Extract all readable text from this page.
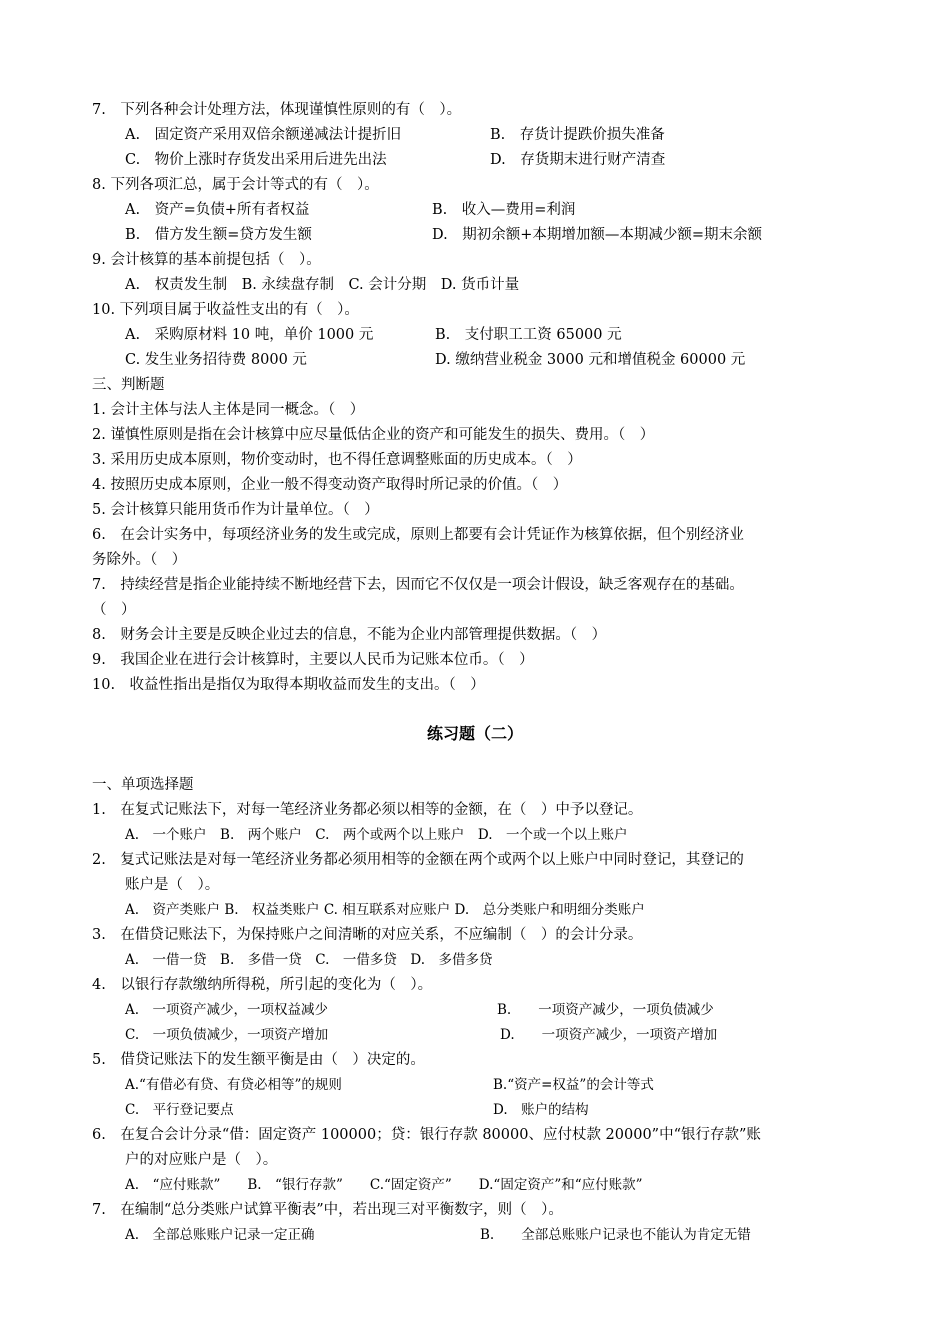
7.　下列各种会计处理方法，体现谨慎性原则的有（　）。
A.　固定资产采用双倍余额递减法计提折旧	B.　存货计提跌价损失准备
C.　物价上涨时存货发出采用后进先出法	D.　存货期末进行财产清查
8. 下列各项汇总，属于会计等式的有（　）。
A.　资产=负债+所有者权益	B.　收入—费用=利润
B.　借方发生额=贷方发生额	D.　期初余额+本期增加额—本期减少额=期末余额
9. 会计核算的基本前提包括（　）。
A.　权责发生制　B. 永续盘存制　C. 会计分期　D. 货币计量
10. 下列项目属于收益性支出的有（　）。
A.　采购原材料 10 吨，单价 1000 元	B.　支付职工工资 65000 元
C. 发生业务招待费 8000 元	D. 缴纳营业税金 3000 元和增值税金 60000 元
三、判断题
1. 会计主体与法人主体是同一概念。（　）
2. 谨慎性原则是指在会计核算中应尽量低估企业的资产和可能发生的损失、费用。（　）
3. 采用历史成本原则，物价变动时，也不得任意调整账面的历史成本。（　）
4. 按照历史成本原则，企业一般不得变动资产取得时所记录的价值。（　）
5. 会计核算只能用货币作为计量单位。（　）
6.　在会计实务中，每项经济业务的发生或完成，原则上都要有会计凭证作为核算依据，但个别经济业
务除外。（　）
7.　持续经营是指企业能持续不断地经营下去，因而它不仅仅是一项会计假设，缺乏客观存在的基础。
（　）
8.　财务会计主要是反映企业过去的信息，不能为企业内部管理提供数据。（　）
9.　我国企业在进行会计核算时，主要以人民币为记账本位币。（　）
10.　收益性指出是指仅为取得本期收益而发生的支出。（　）
练习题（二）
一、单项选择题
1.　在复式记账法下，对每一笔经济业务都必须以相等的金额，在（　）中予以登记。
A.　一个账户　B.　两个账户　C.　两个或两个以上账户　D.　一个或一个以上账户
2.　复式记账法是对每一笔经济业务都必须用相等的金额在两个或两个以上账户中同时登记，其登记的
账户是（　）。
A.　资产类账户 B.　权益类账户 C. 相互联系对应账户 D.　总分类账户和明细分类账户
3.　在借贷记账法下，为保持账户之间清晰的对应关系，不应编制（　）的会计分录。
A.　一借一贷　B.　多借一贷　C.　一借多贷　D.　多借多贷
4.　以银行存款缴纳所得税，所引起的变化为（　）。
A.　一项资产减少，一项权益减少	B.　　一项资产减少，一项负债减少
C.　一项负债减少，一项资产增加	D.　　一项资产减少，一项资产增加
5.　借贷记账法下的发生额平衡是由（　）决定的。
A.“有借必有贷、有贷必相等”的规则	B.“资产=权益”的会计等式
C.　平行登记要点	D.　账户的结构
6.　在复合会计分录“借：固定资产 100000；贷：银行存款 80000、应付杖款 20000”中“银行存款”账
户的对应账户是（　）。
A.　“应付账款”　　B.　“银行存款”　　C.“固定资产”　　D.“固定资产”和“应付账款”
7.　在编制“总分类账户试算平衡表”中，若出现三对平衡数字，则（　）。
A.　全部总账账户记录一定正确	B.　　全部总账账户记录也不能认为肯定无错
